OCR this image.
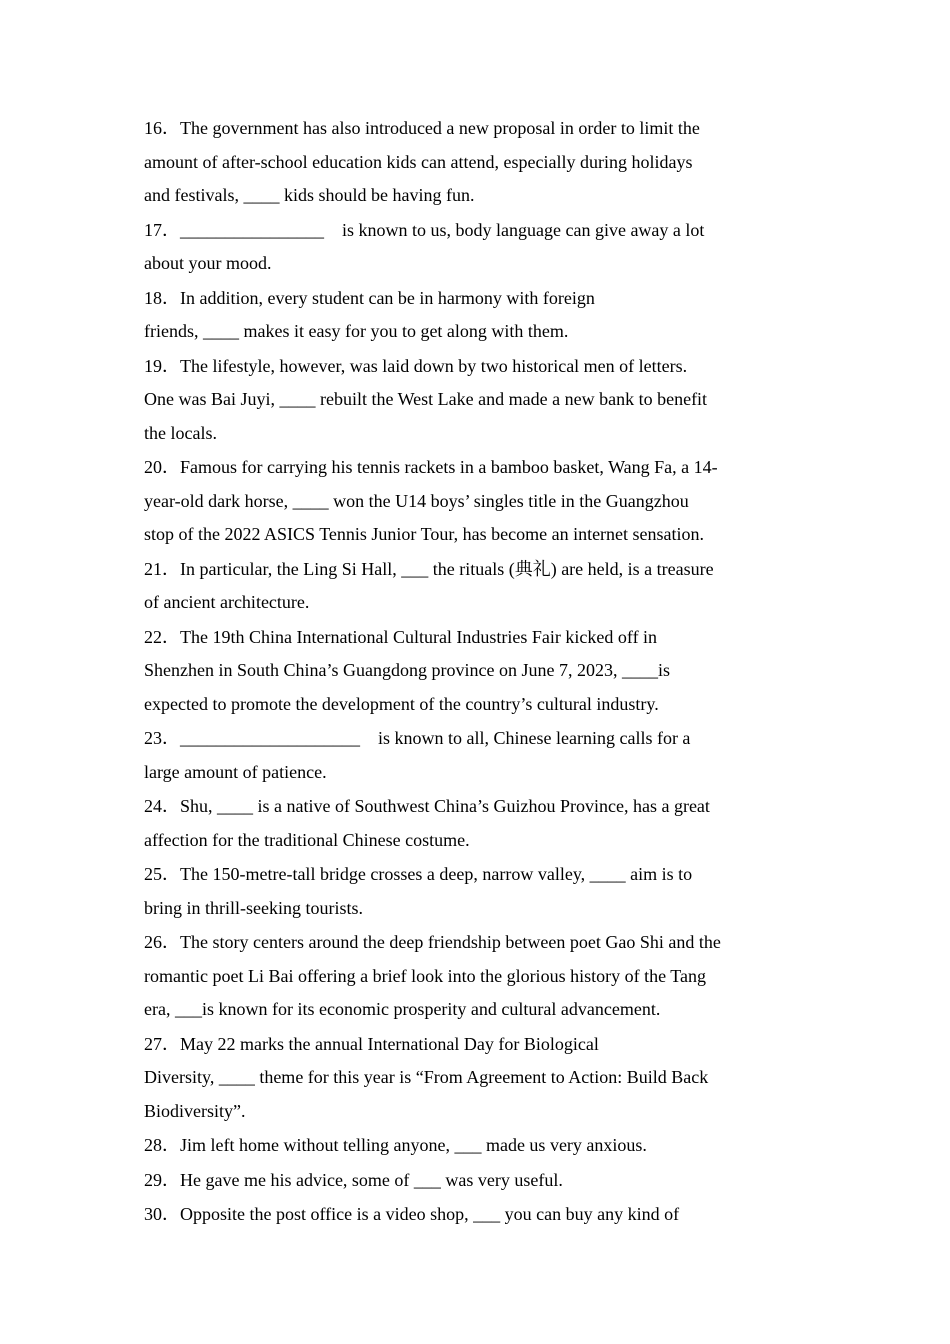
16．The government has also introduced a new proposal in order to limit the
amount of after-school education kids can attend, especially during holidays
and festivals, ____ kids should be having fun.
17．________________　is known to us, body language can give away a lot
about your mood.
18．In addition, every student can be in harmony with foreign
friends, ____ makes it easy for you to get along with them.
19．The lifestyle, however, was laid down by two historical men of letters.
One was Bai Juyi, ____ rebuilt the West Lake and made a new bank to benefit
the locals.
20．Famous for carrying his tennis rackets in a bamboo basket, Wang Fa, a 14-
year-old dark horse, ____ won the U14 boys’ singles title in the Guangzhou
stop of the 2022 ASICS Tennis Junior Tour, has become an internet sensation.
21．In particular, the Ling Si Hall, ___ the rituals (典礼) are held, is a treasure
of ancient architecture.
22．The 19th China International Cultural Industries Fair kicked off in
Shenzhen in South China’s Guangdong province on June 7, 2023, ____is
expected to promote the development of the country’s cultural industry.
23．____________________　is known to all, Chinese learning calls for a
large amount of patience.
24．Shu, ____ is a native of Southwest China’s Guizhou Province, has a great
affection for the traditional Chinese costume.
25．The 150-metre-tall bridge crosses a deep, narrow valley, ____ aim is to
bring in thrill-seeking tourists.
26．The story centers around the deep friendship between poet Gao Shi and the
romantic poet Li Bai offering a brief look into the glorious history of the Tang
era, ___is known for its economic prosperity and cultural advancement.
27．May 22 marks the annual International Day for Biological
Diversity, ____ theme for this year is “From Agreement to Action: Build Back
Biodiversity”.
28．Jim left home without telling anyone, ___ made us very anxious.
29．He gave me his advice, some of ___ was very useful.
30．Opposite the post office is a video shop, ___ you can buy any kind of
